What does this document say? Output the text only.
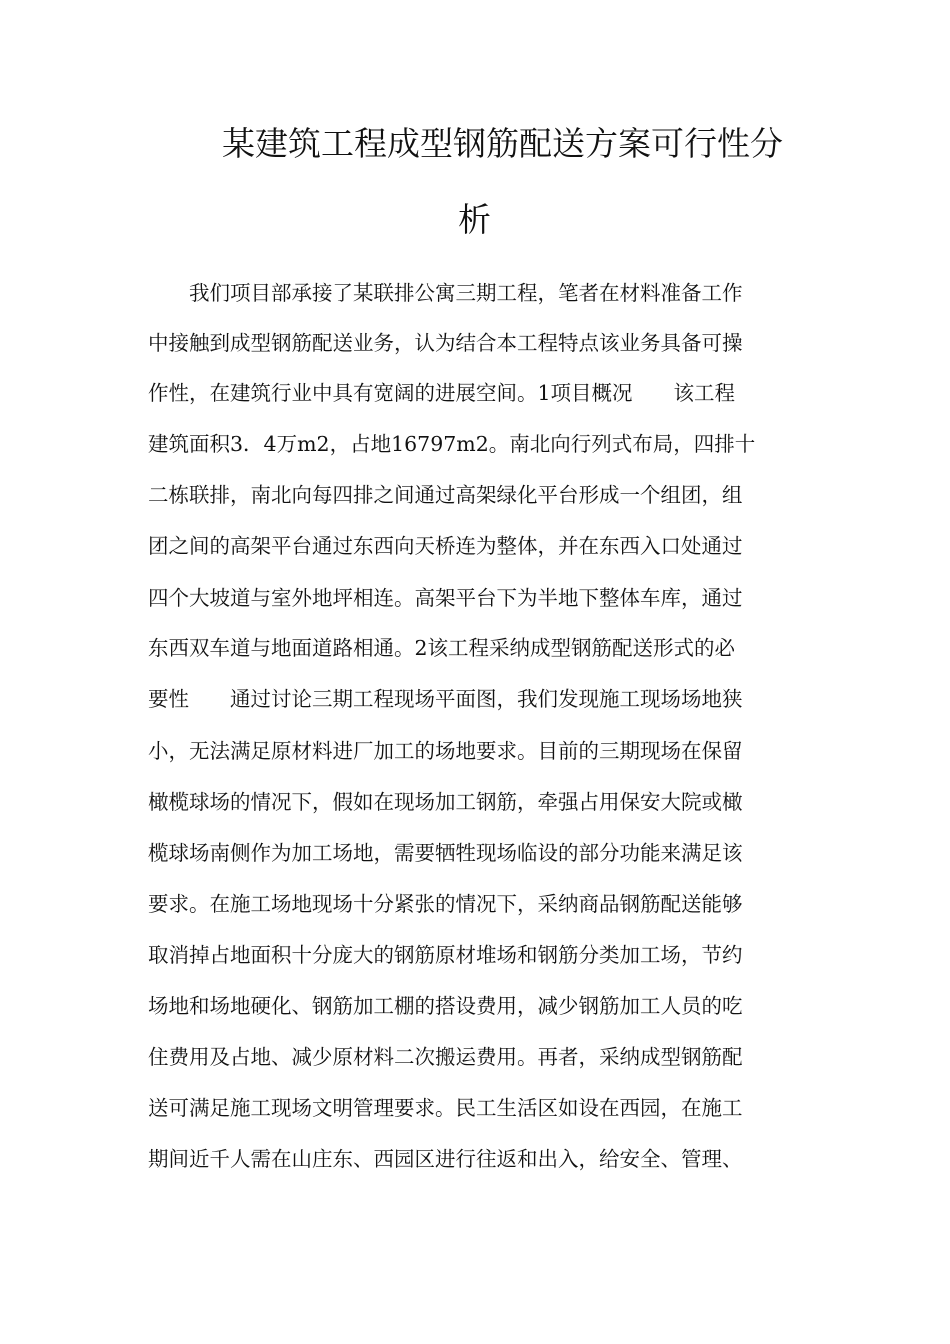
某建筑工程成型钢筋配送方案可行性分
析
　　我们项目部承接了某联排公寓三期工程，笔者在材料准备工作
中接触到成型钢筋配送业务，认为结合本工程特点该业务具备可操
作性，在建筑行业中具有宽阔的进展空间。1项目概况　　该工程
建筑面积3．4万m2，占地16797m2。南北向行列式布局，四排十
二栋联排，南北向每四排之间通过高架绿化平台形成一个组团，组
团之间的高架平台通过东西向天桥连为整体，并在东西入口处通过
四个大坡道与室外地坪相连。高架平台下为半地下整体车库，通过
东西双车道与地面道路相通。2该工程采纳成型钢筋配送形式的必
要性　　通过讨论三期工程现场平面图，我们发现施工现场场地狭
小，无法满足原材料进厂加工的场地要求。目前的三期现场在保留
橄榄球场的情况下，假如在现场加工钢筋，牵强占用保安大院或橄
榄球场南侧作为加工场地，需要牺牲现场临设的部分功能来满足该
要求。在施工场地现场十分紧张的情况下，采纳商品钢筋配送能够
取消掉占地面积十分庞大的钢筋原材堆场和钢筋分类加工场，节约
场地和场地硬化、钢筋加工棚的搭设费用，减少钢筋加工人员的吃
住费用及占地、减少原材料二次搬运费用。再者，采纳成型钢筋配
送可满足施工现场文明管理要求。民工生活区如设在西园，在施工
期间近千人需在山庄东、西园区进行往返和出入，给安全、管理、
